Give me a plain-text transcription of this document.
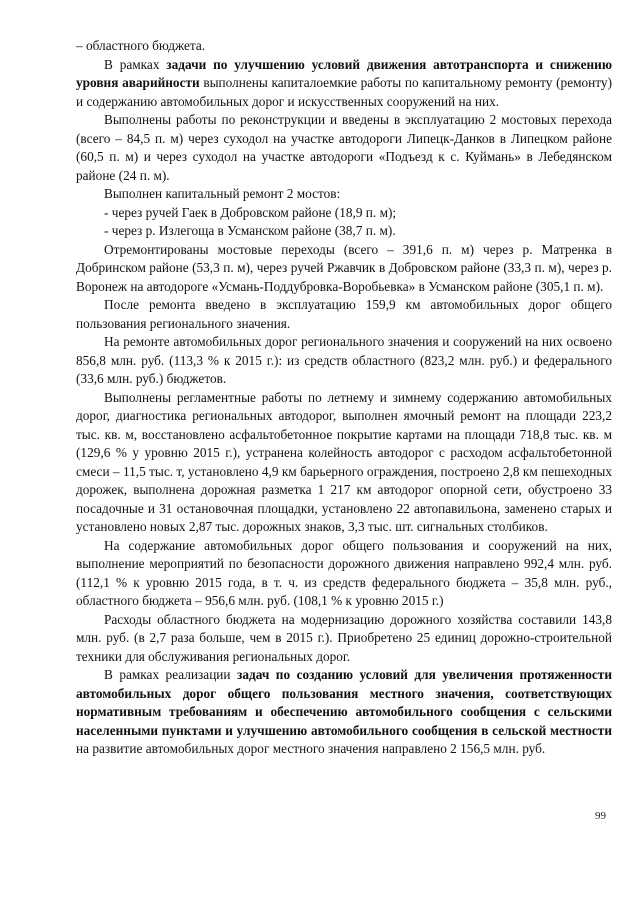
– областного бюджета.

В рамках задачи по улучшению условий движения автотранспорта и снижению уровня аварийности выполнены капиталоемкие работы по капитальному ремонту (ремонту) и содержанию автомобильных дорог и искусственных сооружений на них.

Выполнены работы по реконструкции и введены в эксплуатацию 2 мостовых перехода (всего – 84,5 п. м) через суходол на участке автодороги Липецк-Данков в Липецком районе (60,5 п. м) и через суходол на участке автодороги «Подъезд к с. Куймань» в Лебедянском районе (24 п. м).

Выполнен капитальный ремонт 2 мостов:

- через ручей Гаек в Добровском районе (18,9 п. м);

- через р. Излегоща в Усманском районе (38,7 п. м).

Отремонтированы мостовые переходы (всего – 391,6 п. м) через р. Матренка в Добринском районе (53,3 п. м), через ручей Ржавчик в Добровском районе (33,3 п. м), через р. Воронеж на автодороге «Усмань-Поддубровка-Воробьевка» в Усманском районе (305,1 п. м).

После ремонта введено в эксплуатацию 159,9 км автомобильных дорог общего пользования регионального значения.

На ремонте автомобильных дорог регионального значения и сооружений на них освоено 856,8 млн. руб. (113,3 % к 2015 г.): из средств областного (823,2 млн. руб.) и федерального (33,6 млн. руб.) бюджетов.

Выполнены регламентные работы по летнему и зимнему содержанию автомобильных дорог, диагностика региональных автодорог, выполнен ямочный ремонт на площади 223,2 тыс. кв. м, восстановлено асфальтобетонное покрытие картами на площади 718,8 тыс. кв. м (129,6 % у уровню 2015 г.), устранена колейность автодорог с расходом асфальтобетонной смеси – 11,5 тыс. т, установлено 4,9 км барьерного ограждения, построено 2,8 км пешеходных дорожек, выполнена дорожная разметка 1 217 км автодорог опорной сети, обустроено 33 посадочные и 31 остановочная площадки, установлено 22 автопавильона, заменено старых и установлено новых 2,87 тыс. дорожных знаков, 3,3 тыс. шт. сигнальных столбиков.

На содержание автомобильных дорог общего пользования и сооружений на них, выполнение мероприятий по безопасности дорожного движения направлено 992,4 млн. руб. (112,1 % к уровню 2015 года, в т. ч. из средств федерального бюджета – 35,8 млн. руб., областного бюджета – 956,6 млн. руб. (108,1 % к уровню 2015 г.)

Расходы областного бюджета на модернизацию дорожного хозяйства составили 143,8 млн. руб. (в 2,7 раза больше, чем в 2015 г.). Приобретено 25 единиц дорожно-строительной техники для обслуживания региональных дорог.

В рамках реализации задач по созданию условий для увеличения протяженности автомобильных дорог общего пользования местного значения, соответствующих нормативным требованиям и обеспечению автомобильного сообщения с сельскими населенными пунктами и улучшению автомобильного сообщения в сельской местности на развитие автомобильных дорог местного значения направлено 2 156,5 млн. руб.

99
